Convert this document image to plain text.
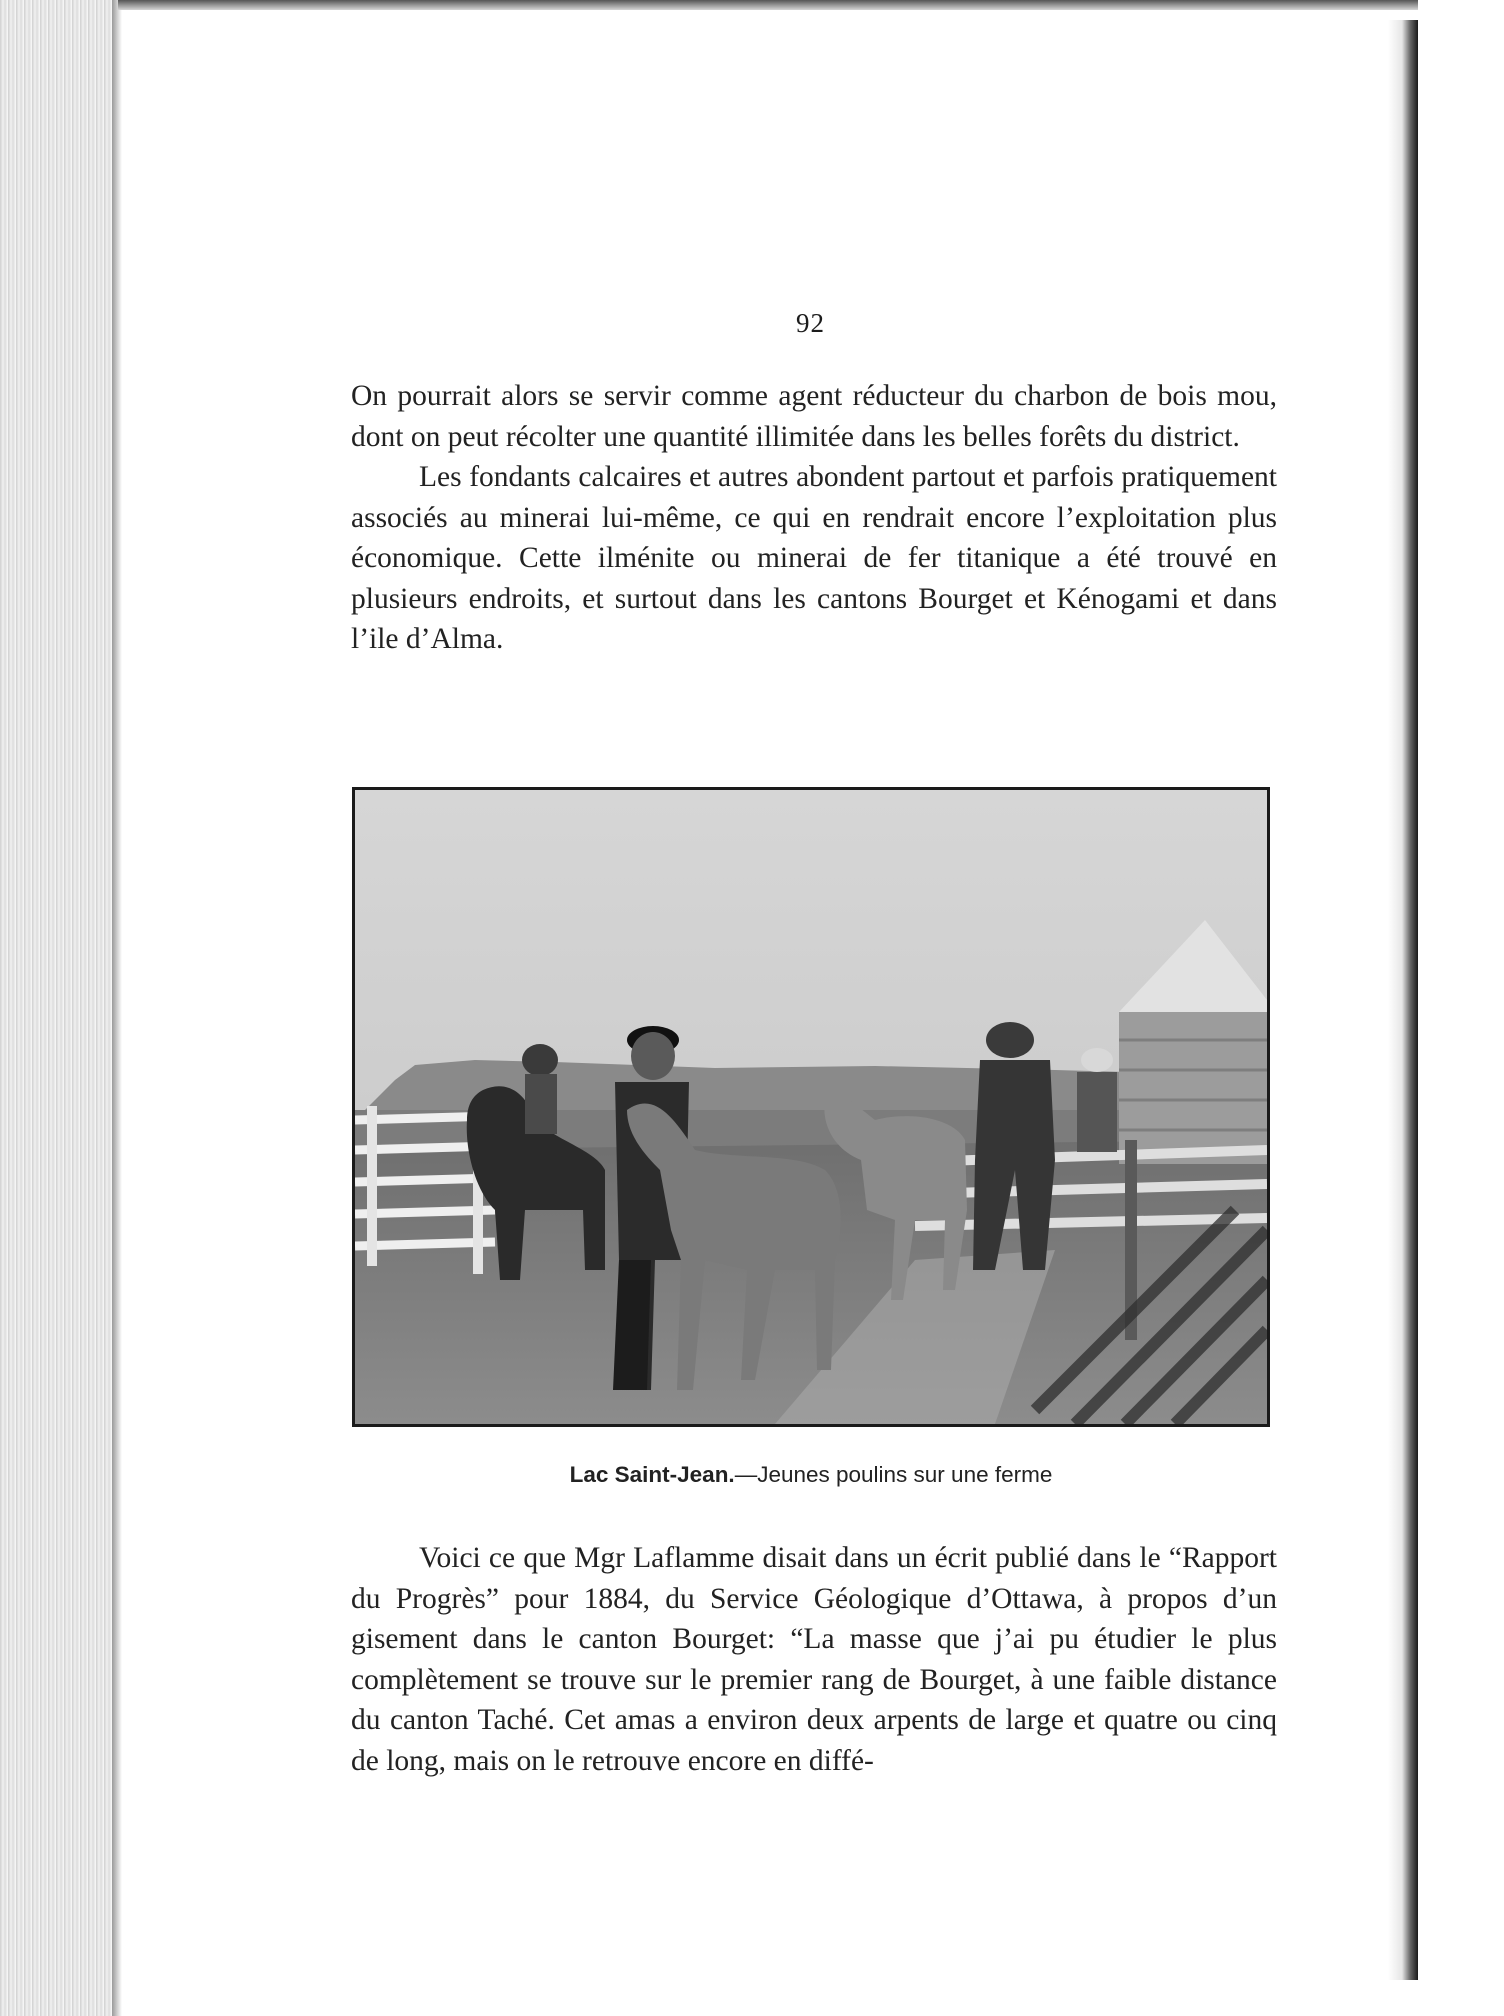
92

On pourrait alors se servir comme agent réducteur du charbon de bois mou, dont on peut récolter une quantité illimitée dans les belles forêts du district.

Les fondants calcaires et autres abondent partout et parfois pratiquement associés au minerai lui-même, ce qui en rendrait encore l’exploitation plus économique. Cette ilménite ou minerai de fer titanique a été trouvé en plusieurs endroits, et surtout dans les cantons Bourget et Kénogami et dans l’ile d’Alma.

Lac Saint-Jean.—Jeunes poulins sur une ferme

Voici ce que Mgr Laflamme disait dans un écrit publié dans le “Rapport du Progrès” pour 1884, du Service Géologique d’Ottawa, à propos d’un gisement dans le canton Bourget: “La masse que j’ai pu étudier le plus complètement se trouve sur le premier rang de Bourget, à une faible distance du canton Taché. Cet amas a environ deux arpents de large et quatre ou cinq de long, mais on le retrouve encore en diffé-
